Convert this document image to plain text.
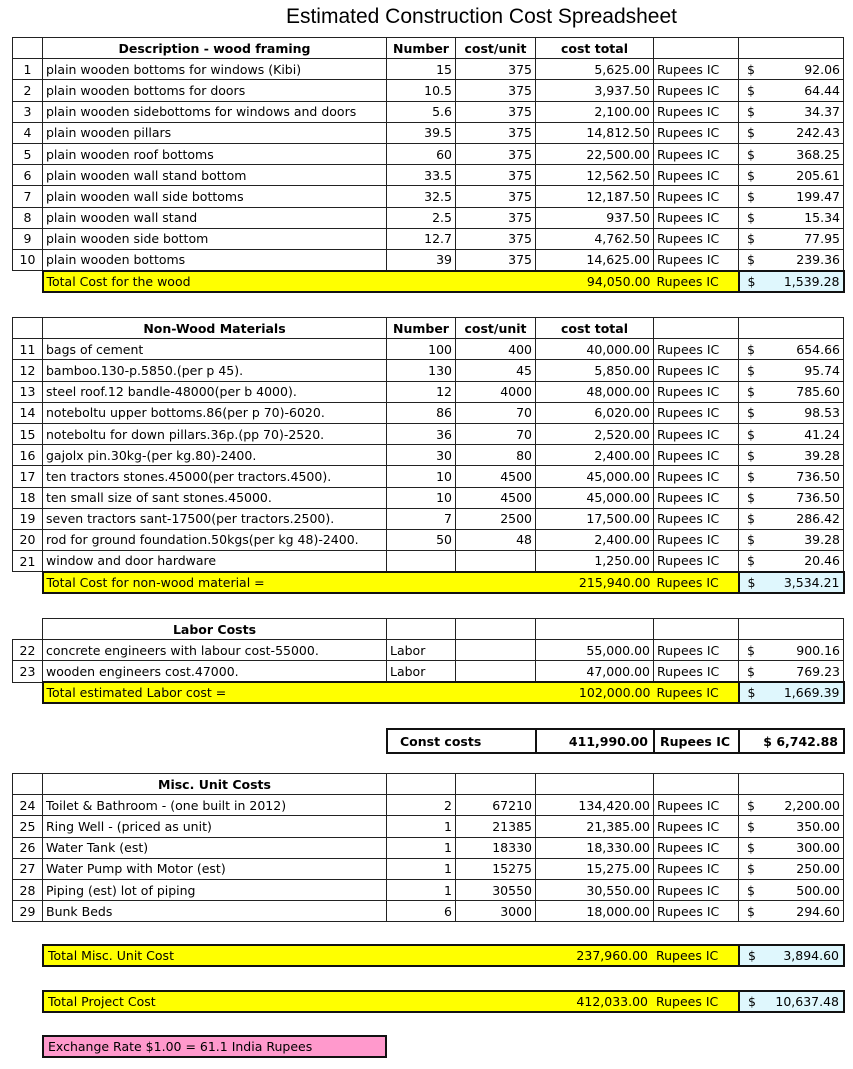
Estimated Construction Cost Spreadsheet
	Description - wood framing	Number	cost/unit	cost total		
1	plain wooden bottoms for windows (Kibi)	15	375	5,625.00	Rupees IC	$ 92.06
2	plain wooden bottoms for doors	10.5	375	3,937.50	Rupees IC	$ 64.44
3	plain wooden sidebottoms for windows and doors	5.6	375	2,100.00	Rupees IC	$ 34.37
4	plain wooden pillars	39.5	375	14,812.50	Rupees IC	$ 242.43
5	plain wooden roof bottoms	60	375	22,500.00	Rupees IC	$ 368.25
6	plain wooden wall stand bottom	33.5	375	12,562.50	Rupees IC	$ 205.61
7	plain wooden wall side bottoms	32.5	375	12,187.50	Rupees IC	$ 199.47
8	plain wooden wall stand	2.5	375	937.50	Rupees IC	$ 15.34
9	plain wooden side bottom	12.7	375	4,762.50	Rupees IC	$ 77.95
10	plain wooden bottoms	39	375	14,625.00	Rupees IC	$ 239.36
	Total Cost for the wood			94,050.00	Rupees IC	$ 1,539.28
	Non-Wood Materials	Number	cost/unit	cost total		
11	bags of cement	100	400	40,000.00	Rupees IC	$ 654.66
12	bamboo.130-p.5850.(per p 45).	130	45	5,850.00	Rupees IC	$ 95.74
13	steel roof.12 bandle-48000(per b 4000).	12	4000	48,000.00	Rupees IC	$ 785.60
14	noteboltu upper bottoms.86(per p 70)-6020.	86	70	6,020.00	Rupees IC	$ 98.53
15	noteboltu for down pillars.36p.(pp 70)-2520.	36	70	2,520.00	Rupees IC	$ 41.24
16	gajolx pin.30kg-(per kg.80)-2400.	30	80	2,400.00	Rupees IC	$ 39.28
17	ten tractors stones.45000(per tractors.4500).	10	4500	45,000.00	Rupees IC	$ 736.50
18	ten small size of sant stones.45000.	10	4500	45,000.00	Rupees IC	$ 736.50
19	seven tractors sant-17500(per tractors.2500).	7	2500	17,500.00	Rupees IC	$ 286.42
20	rod for ground foundation.50kgs(per kg 48)-2400.	50	48	2,400.00	Rupees IC	$ 39.28
21	window and door hardware			1,250.00	Rupees IC	$ 20.46
	Total Cost for non-wood material =			215,940.00	Rupees IC	$ 3,534.21
	Labor Costs					
22	concrete engineers with labour cost-55000.	Labor		55,000.00	Rupees IC	$ 900.16
23	wooden engineers cost.47000.	Labor		47,000.00	Rupees IC	$ 769.23
	Total estimated Labor cost =			102,000.00	Rupees IC	$ 1,669.39
Const costs	411,990.00	Rupees IC	$ 6,742.88
	Misc. Unit Costs					
24	Toilet & Bathroom - (one built in 2012)	2	67210	134,420.00	Rupees IC	$ 2,200.00
25	Ring Well - (priced as unit)	1	21385	21,385.00	Rupees IC	$ 350.00
26	Water Tank (est)	1	18330	18,330.00	Rupees IC	$ 300.00
27	Water Pump with Motor (est)	1	15275	15,275.00	Rupees IC	$ 250.00
28	Piping (est) lot of piping	1	30550	30,550.00	Rupees IC	$ 500.00
29	Bunk Beds	6	3000	18,000.00	Rupees IC	$ 294.60
Total Misc. Unit Cost	237,960.00 Rupees IC	$ 3,894.60
Total Project Cost	412,033.00 Rupees IC	$ 10,637.48
Exchange Rate $1.00 = 61.1 India Rupees
